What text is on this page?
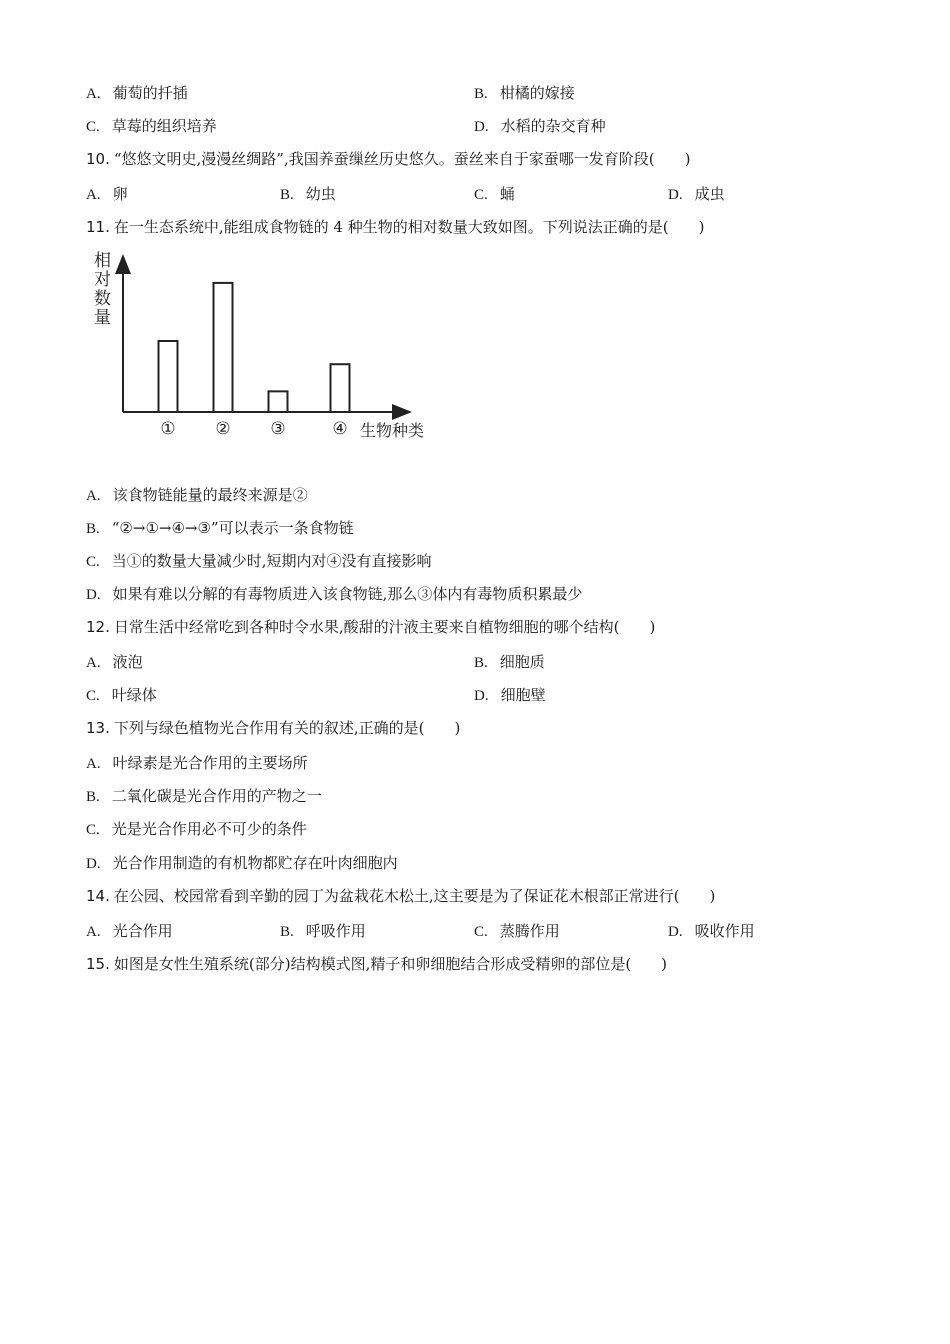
A. 葡萄的扦插	B. 柑橘的嫁接
C. 草莓的组织培养	D. 水稻的杂交育种
10. “悠悠文明史,漫漫丝绸路”,我国养蚕缫丝历史悠久。蚕丝来自于家蚕哪一发育阶段(　　)
A. 卵	B. 幼虫	C. 蛹	D. 成虫
11. 在一生态系统中,能组成食物链的 4 种生物的相对数量大致如图。下列说法正确的是(　　)
相
对
数
量
生物种类
① ② ③	④
A. 该食物链能量的最终来源是②
B. “②→①→④→③”可以表示一条食物链
C. 当①的数量大量减少时,短期内对④没有直接影响
D. 如果有难以分解的有毒物质进入该食物链,那么③体内有毒物质积累最少
12. 日常生活中经常吃到各种时令水果,酸甜的汁液主要来自植物细胞的哪个结构(　　)
A. 液泡	B. 细胞质
C. 叶绿体	D. 细胞壁
13. 下列与绿色植物光合作用有关的叙述,正确的是(　　)
A. 叶绿素是光合作用的主要场所
B. 二氧化碳是光合作用的产物之一
C. 光是光合作用必不可少的条件
D. 光合作用制造的有机物都贮存在叶肉细胞内
14. 在公园、校园常看到辛勤的园丁为盆栽花木松土,这主要是为了保证花木根部正常进行(　　)
A. 光合作用	B. 呼吸作用	C. 蒸腾作用	D. 吸收作用
15. 如图是女性生殖系统(部分)结构模式图,精子和卵细胞结合形成受精卵的部位是(　　)
